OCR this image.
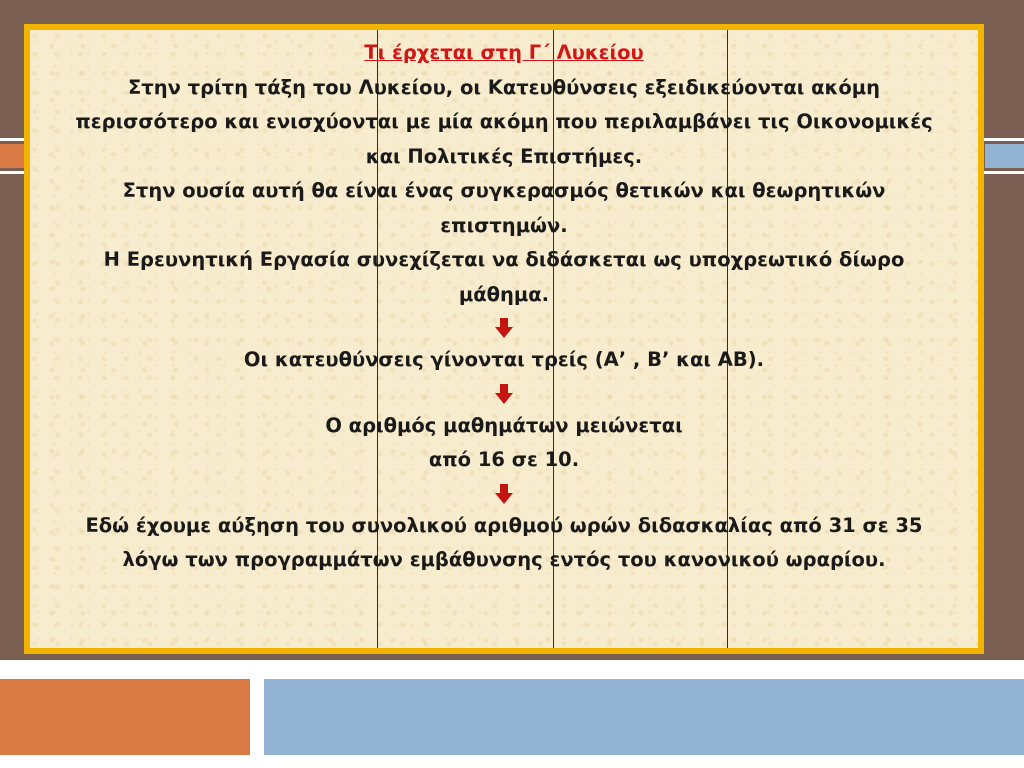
Τι έρχεται στη Γ΄ Λυκείου

Στην τρίτη τάξη του Λυκείου, οι Κατευθύνσεις εξειδικεύονται ακόμη

περισσότερο και ενισχύονται με μία ακόμη που περιλαμβάνει τις Οικονομικές

και Πολιτικές Επιστήμες.

Στην ουσία αυτή θα είναι ένας συγκερασμός θετικών και θεωρητικών

επιστημών.

Η Ερευνητική Εργασία συνεχίζεται να διδάσκεται ως υποχρεωτικό δίωρο

μάθημα.

Οι κατευθύνσεις γίνονται τρείς (Α’ , Β’ και ΑΒ).

Ο αριθμός μαθημάτων μειώνεται

από 16 σε 10.

Εδώ έχουμε αύξηση του συνολικού αριθμού ωρών διδασκαλίας από 31 σε 35

λόγω των προγραμμάτων εμβάθυνσης εντός του κανονικού ωραρίου.
